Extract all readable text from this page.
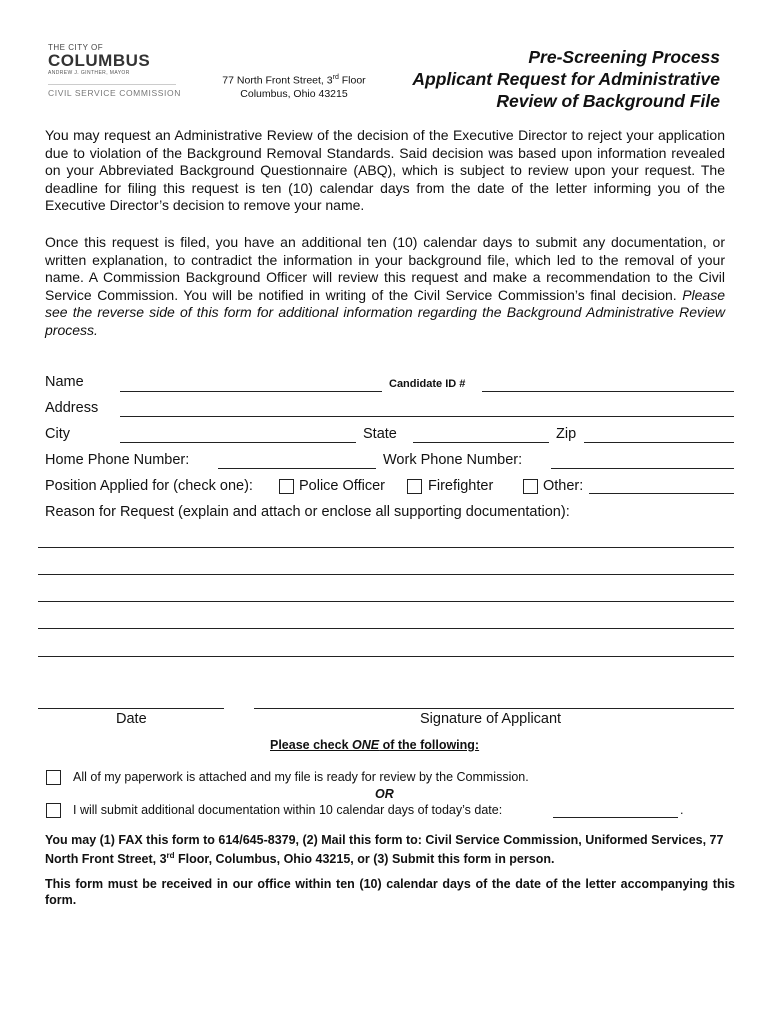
THE CITY OF
COLUMBUS
ANDREW J. GINTHER, MAYOR
CIVIL SERVICE COMMISSION
77 North Front Street, 3rd Floor
Columbus, Ohio 43215
Pre-Screening Process
Applicant Request for Administrative
Review of Background File
You may request an Administrative Review of the decision of the Executive Director to reject your application due to violation of the Background Removal Standards. Said decision was based upon information revealed on your Abbreviated Background Questionnaire (ABQ), which is subject to review upon your request. The deadline for filing this request is ten (10) calendar days from the date of the letter informing you of the Executive Director’s decision to remove your name.
Once this request is filed, you have an additional ten (10) calendar days to submit any documentation, or written explanation, to contradict the information in your background file, which led to the removal of your name. A Commission Background Officer will review this request and make a recommendation to the Civil Service Commission. You will be notified in writing of the Civil Service Commission’s final decision. Please see the reverse side of this form for additional information regarding the Background Administrative Review process.
Name	Candidate ID #
Address
City	State	Zip
Home Phone Number:	Work Phone Number:
Position Applied for (check one):	Police Officer	Firefighter	Other:
Reason for Request (explain and attach or enclose all supporting documentation):
Date	Signature of Applicant
Please check ONE of the following:
All of my paperwork is attached and my file is ready for review by the Commission.
OR
I will submit additional documentation within 10 calendar days of today’s date:	.
You may (1) FAX this form to 614/645-8379, (2) Mail this form to: Civil Service Commission, Uniformed Services, 77 North Front Street, 3rd Floor, Columbus, Ohio 43215, or (3) Submit this form in person.
This form must be received in our office within ten (10) calendar days of the date of the letter accompanying this form.
